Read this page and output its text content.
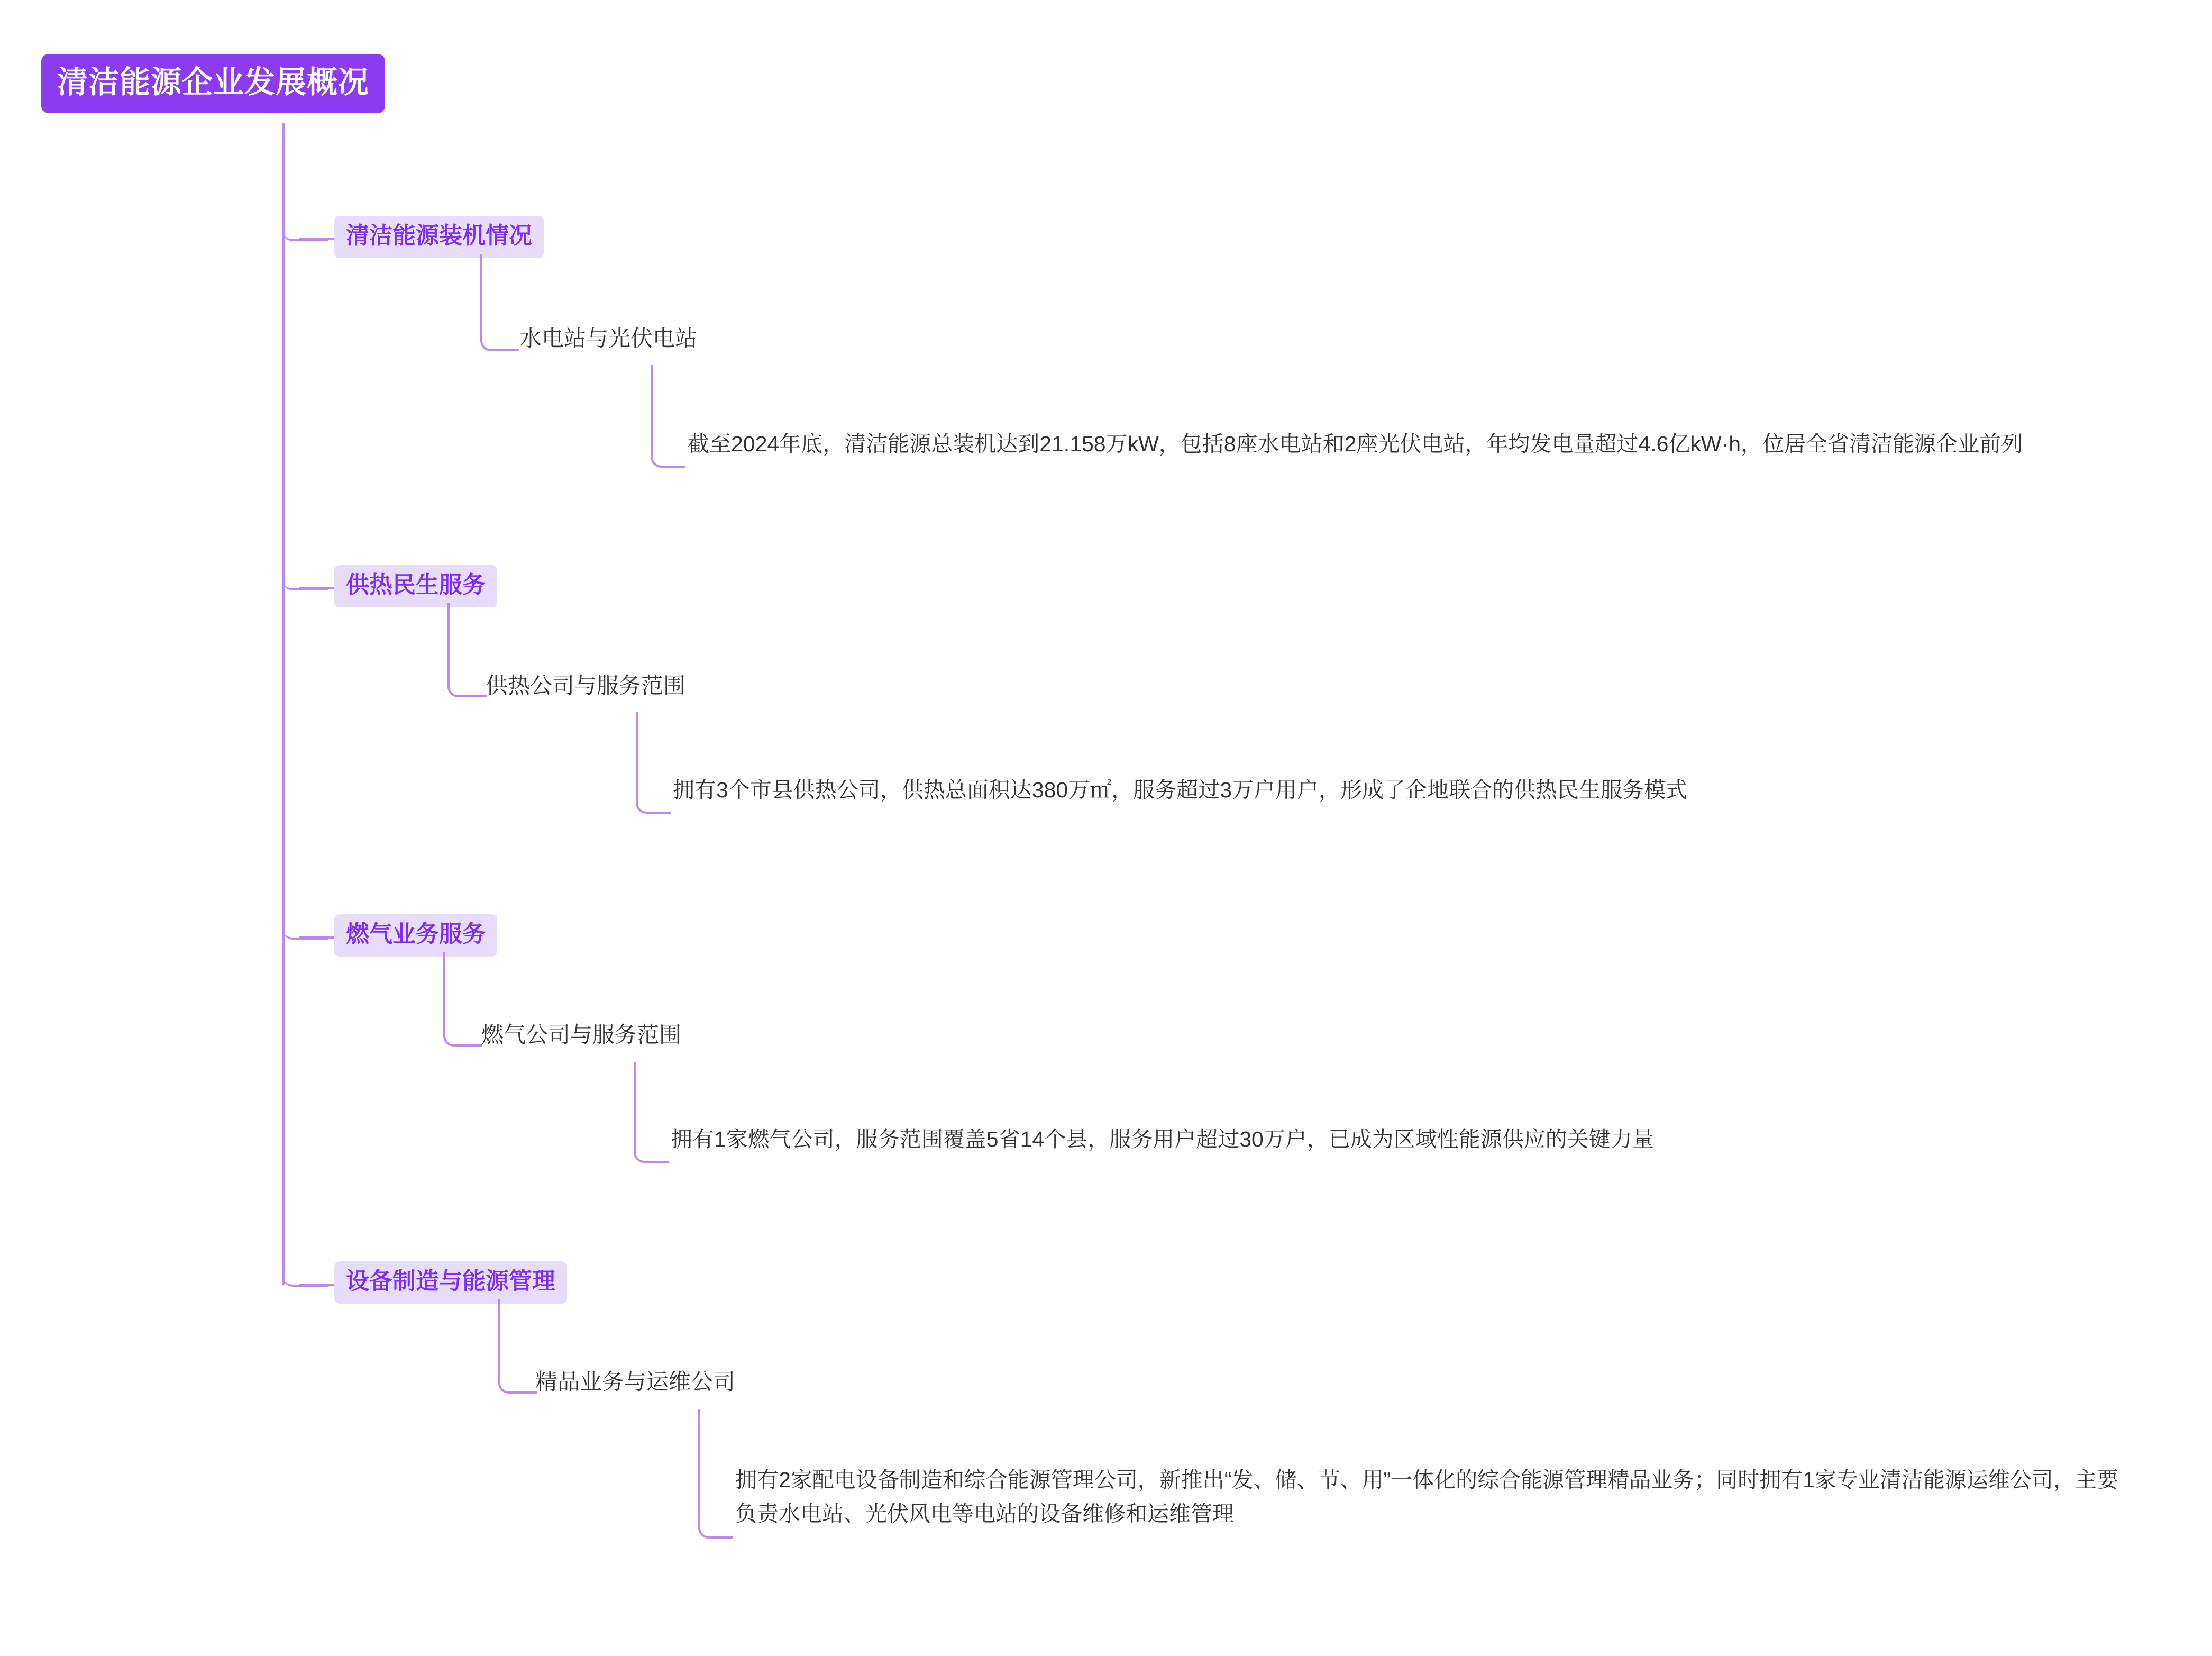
清洁能源企业发展概况
清洁能源装机情况
水电站与光伏电站
截至2024年底，清洁能源总装机达到21.158万kW，包括8座水电站和2座光伏电站，年均发电量超过4.6亿kW·h，位居全省清洁能源企业前列
供热民生服务
供热公司与服务范围
拥有3个市县供热公司，供热总面积达380万㎡，服务超过3万户用户，形成了企地联合的供热民生服务模式
燃气业务服务
燃气公司与服务范围
拥有1家燃气公司，服务范围覆盖5省14个县，服务用户超过30万户，已成为区域性能源供应的关键力量
设备制造与能源管理
精品业务与运维公司
拥有2家配电设备制造和综合能源管理公司，新推出“发、储、节、用”一体化的综合能源管理精品业务；同时拥有1家专业清洁能源运维公司，主要负责水电站、光伏风电等电站的设备维修和运维管理
